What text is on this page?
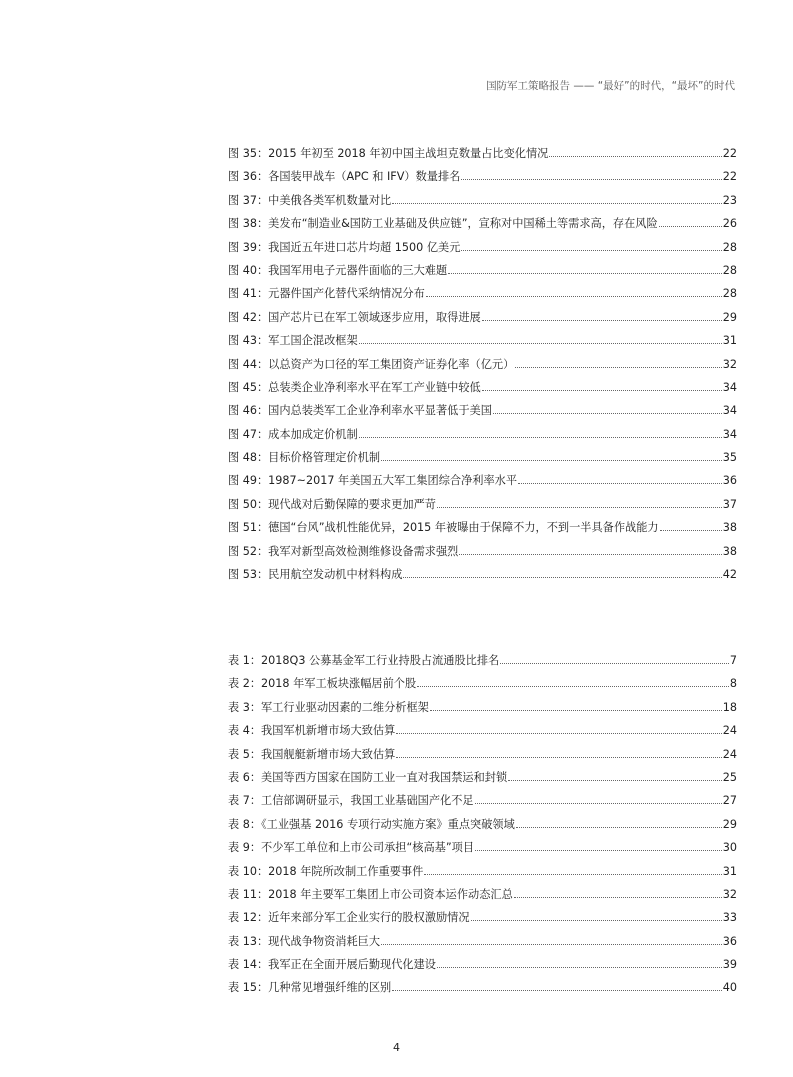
国防军工策略报告 —— “最好”的时代，“最坏”的时代
图 35：2015 年初至 2018 年初中国主战坦克数量占比变化情况	22
图 36：各国装甲战车（APC 和 IFV）数量排名	22
图 37：中美俄各类军机数量对比	23
图 38：美发布“制造业&国防工业基础及供应链”，宣称对中国稀土等需求高，存在风险	26
图 39：我国近五年进口芯片均超 1500 亿美元	28
图 40：我国军用电子元器件面临的三大难题	28
图 41：元器件国产化替代采纳情况分布	28
图 42：国产芯片已在军工领域逐步应用，取得进展	29
图 43：军工国企混改框架	31
图 44：以总资产为口径的军工集团资产证券化率（亿元）	32
图 45：总装类企业净利率水平在军工产业链中较低	34
图 46：国内总装类军工企业净利率水平显著低于美国	34
图 47：成本加成定价机制	34
图 48：目标价格管理定价机制	35
图 49：1987~2017 年美国五大军工集团综合净利率水平	36
图 50：现代战对后勤保障的要求更加严苛	37
图 51：德国“台风”战机性能优异，2015 年被曝由于保障不力，不到一半具备作战能力	38
图 52：我军对新型高效检测维修设备需求强烈	38
图 53：民用航空发动机中材料构成	42
表 1：2018Q3 公募基金军工行业持股占流通股比排名	7
表 2：2018 年军工板块涨幅居前个股	8
表 3：军工行业驱动因素的二维分析框架	18
表 4：我国军机新增市场大致估算	24
表 5：我国舰艇新增市场大致估算	24
表 6：美国等西方国家在国防工业一直对我国禁运和封锁	25
表 7：工信部调研显示，我国工业基础国产化不足	27
表 8：《工业强基 2016 专项行动实施方案》重点突破领域	29
表 9：不少军工单位和上市公司承担“核高基”项目	30
表 10：2018 年院所改制工作重要事件	31
表 11：2018 年主要军工集团上市公司资本运作动态汇总	32
表 12：近年来部分军工企业实行的股权激励情况	33
表 13：现代战争物资消耗巨大	36
表 14：我军正在全面开展后勤现代化建设	39
表 15：几种常见增强纤维的区别	40
4
